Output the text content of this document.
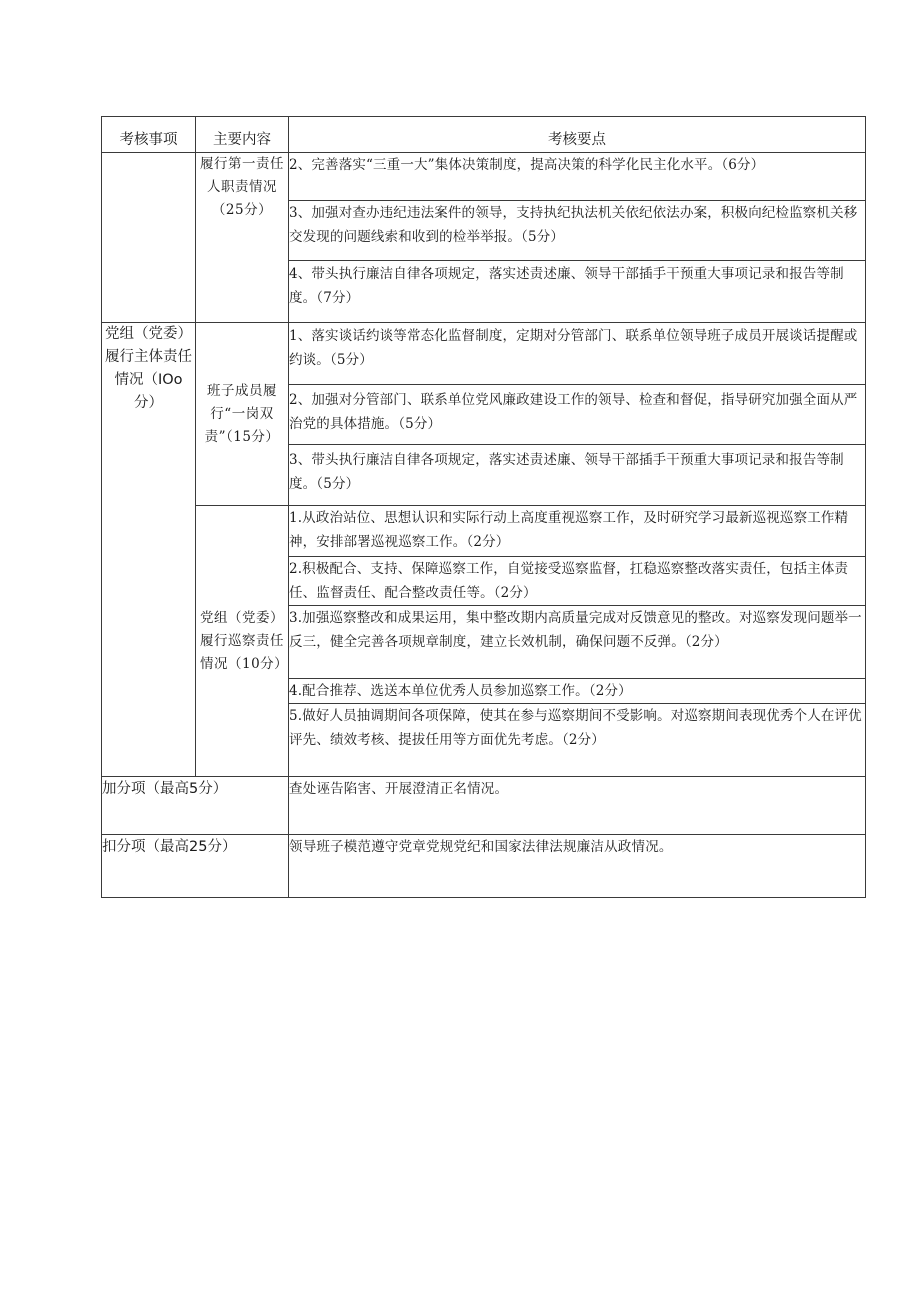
考核事项	主要内容	考核要点

	履行第一责任人职责情况（25分）	2、完善落实“三重一大”集体决策制度，提高决策的科学化民主化水平。（6分）

		3、加强对查办违纪违法案件的领导，支持执纪执法机关依纪依法办案，积极向纪检监察机关移交发现的问题线索和收到的检举举报。（5分）

		4、带头执行廉洁自律各项规定，落实述责述廉、领导干部插手干预重大事项记录和报告等制度。（7分）

党组（党委）履行主体责任情况（IOo分）	班子成员履行“一岗双责”（15分）	1、落实谈话约谈等常态化监督制度，定期对分管部门、联系单位领导班子成员开展谈话提醒或约谈。（5分）

		2、加强对分管部门、联系单位党风廉政建设工作的领导、检查和督促，指导研究加强全面从严治党的具体措施。（5分）

		3、带头执行廉洁自律各项规定，落实述责述廉、领导干部插手干预重大事项记录和报告等制度。（5分）

	党组（党委）履行巡察责任情况（10分）	1.从政治站位、思想认识和实际行动上高度重视巡察工作，及时研究学习最新巡视巡察工作精神，安排部署巡视巡察工作。（2分）
		2.积极配合、支持、保障巡察工作，自觉接受巡察监督，扛稳巡察整改落实责任，包括主体责任、监督责任、配合整改责任等。（2分）
		3.加强巡察整改和成果运用，集中整改期内高质量完成对反馈意见的整改。对巡察发现问题举一反三，健全完善各项规章制度，建立长效机制，确保问题不反弹。（2分）
		4.配合推荐、选送本单位优秀人员参加巡察工作。（2分）
		5.做好人员抽调期间各项保障，使其在参与巡察期间不受影响。对巡察期间表现优秀个人在评优评先、绩效考核、提拔任用等方面优先考虑。（2分）
加分项（最高5分）		查处诬告陷害、开展澄清正名情况。
扣分项（最高25分）		领导班子模范遵守党章党规党纪和国家法律法规廉洁从政情况。
